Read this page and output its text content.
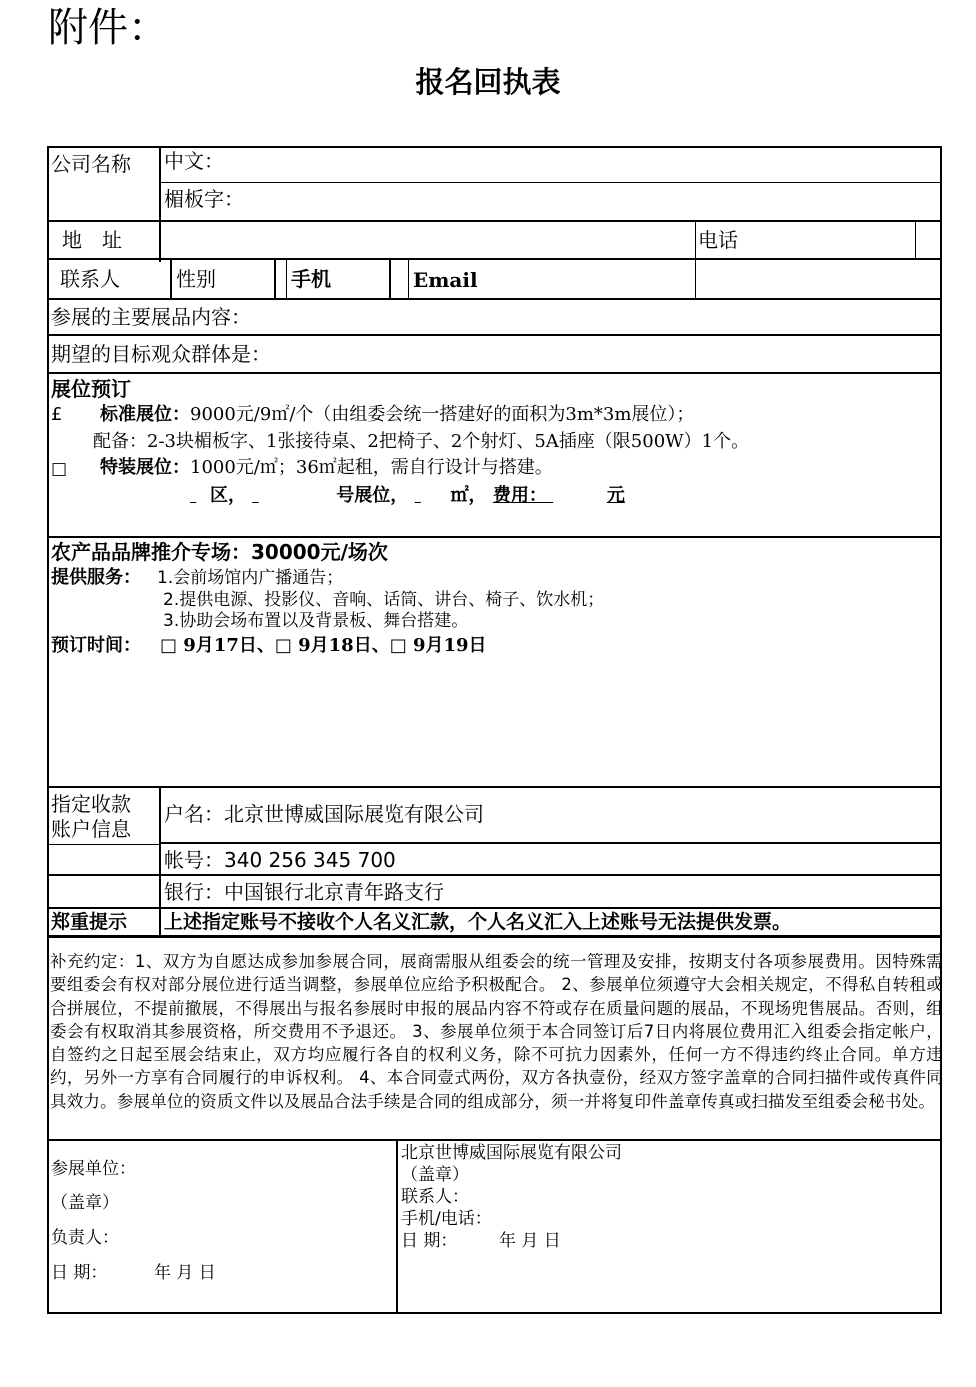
附件：
报名回执表
公司名称 中文：
楣板字：
地　址	电话
联系人	性别	手机	Email
参展的主要展品内容：
期望的目标观众群体是：
展位预订
£ 标准展位：9000元/9㎡/个（由组委会统一搭建好的面积为3m*3m展位）；
配备：2-3块楣板字、1张接待桌、2把椅子、2个射灯、5A插座（限500W）1个。
□ 特装展位：1000元/㎡；36㎡起租，需自行设计与搭建。
区，	号展位， ㎡， 费用：	元
农产品品牌推介专场：30000元/场次
提供服务： 1.会前场馆内广播通告；
2.提供电源、投影仪、音响、话筒、讲台、椅子、饮水机；
3.协助会场布置以及背景板、舞台搭建。
预订时间： □ 9月17日、□ 9月18日、□ 9月19日
指定收款
账户信息
户名：北京世博威国际展览有限公司
帐号：340 256 345 700
银行：中国银行北京青年路支行
郑重提示 上述指定账号不接收个人名义汇款，个人名义汇入上述账号无法提供发票。
补充约定：1、双方为自愿达成参加参展合同，展商需服从组委会的统一管理及安排，按期支付各项参展费用。因特殊需要组委会有权对部分展位进行适当调整，参展单位应给予积极配合。 2、参展单位须遵守大会相关规定，不得私自转租或合拼展位，不提前撤展，不得展出与报名参展时申报的展品内容不符或存在质量问题的展品，不现场兜售展品。否则，组委会有权取消其参展资格，所交费用不予退还。 3、参展单位须于本合同签订后7日内将展位费用汇入组委会指定帐户，自签约之日起至展会结束止，双方均应履行各自的权利义务，除不可抗力因素外，任何一方不得违约终止合同。单方违约，另外一方享有合同履行的申诉权利。 4、本合同壹式两份，双方各执壹份，经双方签字盖章的合同扫描件或传真件同具效力。参展单位的资质文件以及展品合法手续是合同的组成部分，须一并将复印件盖章传真或扫描发至组委会秘书处。
参展单位：
（盖章）
负责人：
日 期：	年 月 日
北京世博威国际展览有限公司
（盖章）
联系人：
手机/电话：
日 期： 年 月 日
